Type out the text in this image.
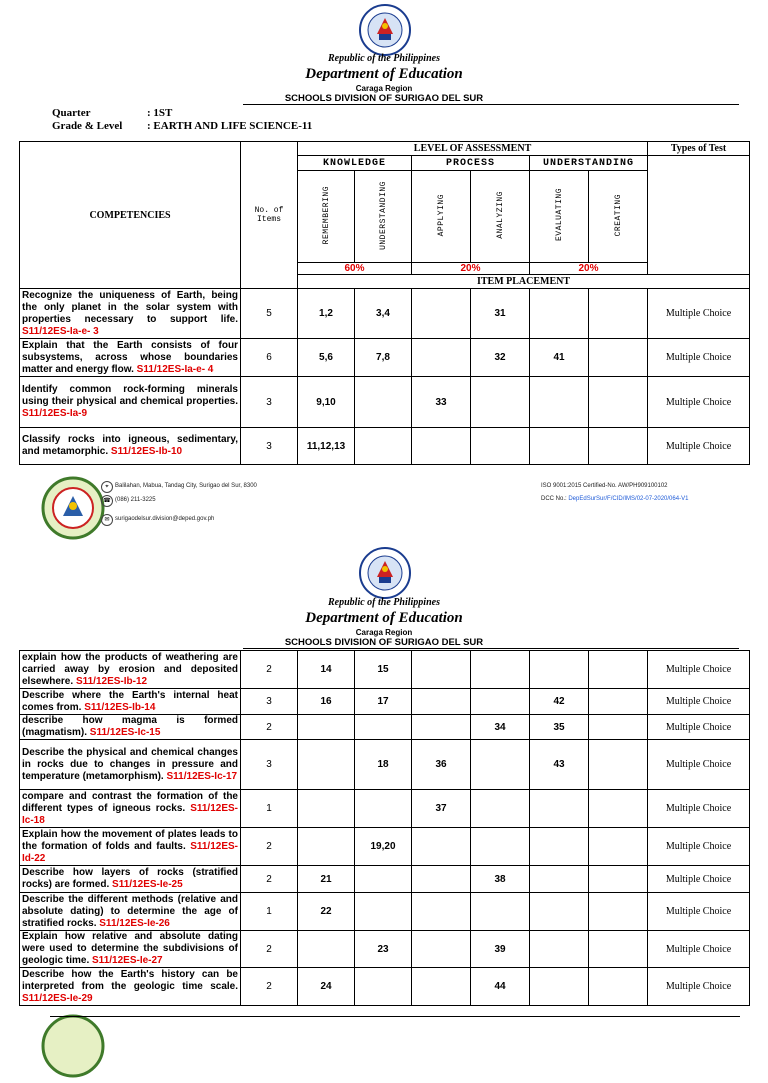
Republic of the Philippines
Department of Education
Caraga Region
SCHOOLS DIVISION OF SURIGAO DEL SUR
Quarter	: 1ST
Grade & Level : EARTH AND LIFE SCIENCE-11
COMPETENCIES	No. of Items	LEVEL OF ASSESSMENT						Types of Test
		KNOWLEDGE		PROCESS		UNDERSTANDING		
		REMEMBERING	UNDERSTANDING	APPLYING	ANALYZING	EVALUATING	CREATING	
		60%		20%		20%		
		ITEM PLACEMENT						
Recognize the uniqueness of Earth, being the only planet in the solar system with properties necessary to support life. S11/12ES-Ia-e- 3	5	1,2	3,4		31			Multiple Choice
Explain that the Earth consists of four subsystems, across whose boundaries matter and energy flow. S11/12ES-Ia-e- 4	6	5,6	7,8		32	41		Multiple Choice
Identify common rock-forming minerals using their physical and chemical properties. S11/12ES-Ia-9	3	9,10		33				Multiple Choice
Classify rocks into igneous, sedimentary, and metamorphic. S11/12ES-Ib-10	3	11,12,13						Multiple Choice
⌖	Balilahan, Mabua, Tandag City, Surigao del Sur, 8300
☎ (086) 211-3225
✉ surigaodelsur.division@deped.gov.ph
ISO 9001:2015 Certified-No. AW/PH909100102
DCC No.: DepEdSurSur/F/CID/IMS/02-07-2020/064-V1
Republic of the Philippines
Department of Education
Caraga Region
SCHOOLS DIVISION OF SURIGAO DEL SUR
explain how the products of weathering are carried away by erosion and deposited elsewhere. S11/12ES-Ib-12	2	14	15					Multiple Choice
Describe where the Earth's internal heat comes from. S11/12ES-Ib-14	3	16	17			42		Multiple Choice
describe how magma is formed (magmatism). S11/12ES-Ic-15	2				34	35		Multiple Choice
Describe the physical and chemical changes in rocks due to changes in pressure and temperature (metamorphism). S11/12ES-Ic-17	3		18	36		43		Multiple Choice
compare and contrast the formation of the different types of igneous rocks. S11/12ES-Ic-18	1			37				Multiple Choice
Explain how the movement of plates leads to the formation of folds and faults. S11/12ES-Id-22	2		19,20					Multiple Choice
Describe how layers of rocks (stratified rocks) are formed. S11/12ES-Ie-25	2	21			38			Multiple Choice
Describe the different methods (relative and absolute dating) to determine the age of stratified rocks. S11/12ES-Ie-26	1	22						Multiple Choice
Explain how relative and absolute dating were used to determine the subdivisions of geologic time. S11/12ES-Ie-27	2		23		39			Multiple Choice
Describe how the Earth's history can be interpreted from the geologic time scale. S11/12ES-Ie-29	2	24			44			Multiple Choice
